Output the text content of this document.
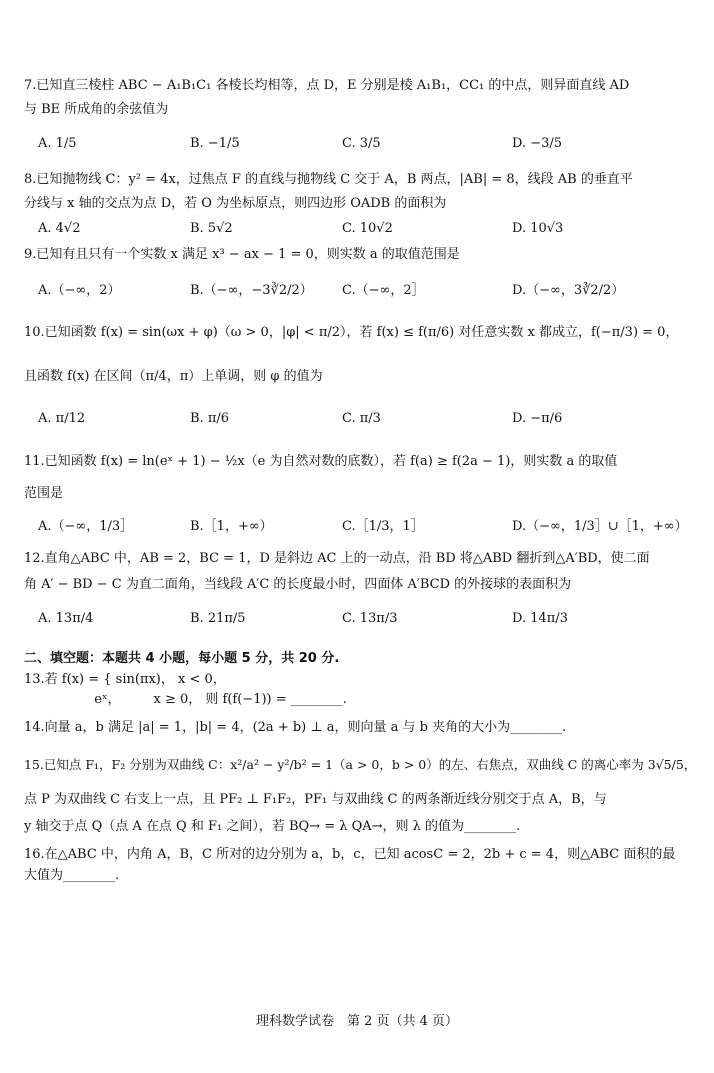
7.已知直三棱柱 ABC − A₁B₁C₁ 各棱长均相等，点 D，E 分别是棱 A₁B₁，CC₁ 的中点，则异面直线 AD
与 BE 所成角的余弦值为
A. 1/5	B. −1/5	C. 3/5	D. −3/5
8.已知抛物线 C：y² = 4x，过焦点 F 的直线与抛物线 C 交于 A，B 两点，|AB| = 8，线段 AB 的垂直平
分线与 x 轴的交点为点 D，若 O 为坐标原点，则四边形 OADB 的面积为
A. 4√2	B. 5√2	C. 10√2	D. 10√3
9.已知有且只有一个实数 x 满足 x³ − ax − 1 = 0，则实数 a 的取值范围是
A.（−∞，2）	B.（−∞，−3∛2/2） C.（−∞，2］	D.（−∞，3∛2/2）
10.已知函数 f(x) = sin(ωx + φ)（ω > 0，|φ| < π/2），若 f(x) ≤ f(π/6) 对任意实数 x 都成立，f(−π/3) = 0，
且函数 f(x) 在区间（π/4，π）上单调，则 φ 的值为
A. π/12	B. π/6	C. π/3	D. −π/6
11.已知函数 f(x) = ln(eˣ + 1) − ½x（e 为自然对数的底数），若 f(a) ≥ f(2a − 1)，则实数 a 的取值
范围是
A.（−∞，1/3］	B.［1，+∞）	C.［1/3，1］	D.（−∞，1/3］∪［1，+∞）
12.直角△ABC 中，AB = 2，BC = 1，D 是斜边 AC 上的一动点，沿 BD 将△ABD 翻折到△A′BD，使二面
角 A′ − BD − C 为直二面角，当线段 A′C 的长度最小时，四面体 A′BCD 的外接球的表面积为
A. 13π/4	B. 21π/5	C. 13π/3	D. 14π/3
二、填空题：本题共 4 小题，每小题 5 分，共 20 分.
13.若 f(x) = { sin(πx)， x < 0，
eˣ，        x ≥ 0， 则 f(f(−1)) = ________.
14.向量 a，b 满足 |a| = 1，|b| = 4，(2a + b) ⊥ a，则向量 a 与 b 夹角的大小为________.
15.已知点 F₁，F₂ 分别为双曲线 C：x²/a² − y²/b² = 1（a > 0，b > 0）的左、右焦点，双曲线 C 的离心率为 3√5/5，
点 P 为双曲线 C 右支上一点，且 PF₂ ⊥ F₁F₂，PF₁ 与双曲线 C 的两条渐近线分别交于点 A，B，与
y 轴交于点 Q（点 A 在点 Q 和 F₁ 之间），若 BQ→ = λ QA→，则 λ 的值为________.
16.在△ABC 中，内角 A，B，C 所对的边分别为 a，b，c，已知 acosC = 2，2b + c = 4，则△ABC 面积的最
大值为________.
理科数学试卷　第 2 页（共 4 页）
